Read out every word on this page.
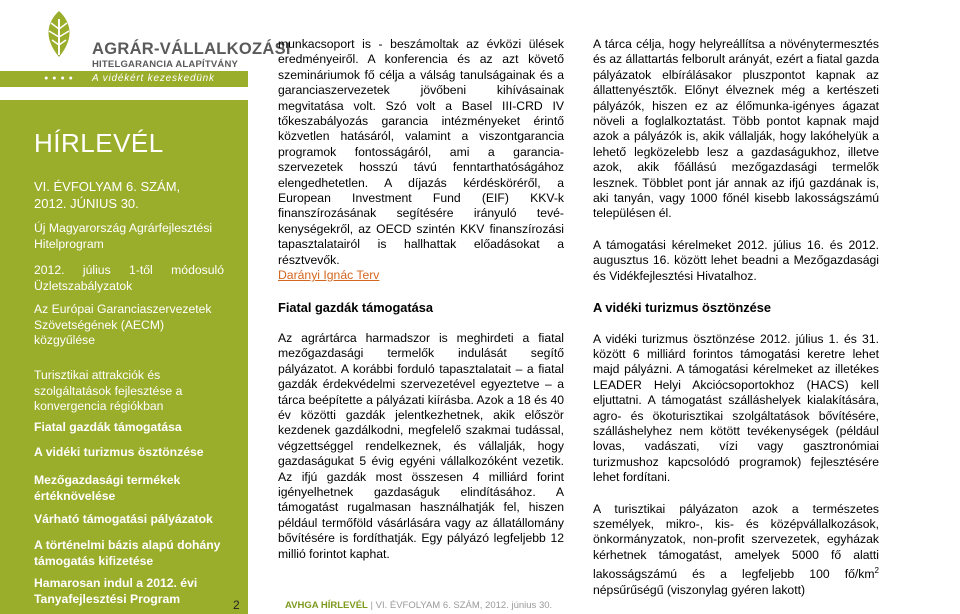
AGRÁR-VÁLLALKOZÁSI
HITELGARANCIA ALAPÍTVÁNY
● ● ● ●	A vidékért kezeskedünk
HÍRLEVÉL
VI. ÉVFOLYAM 6. SZÁM,
2012. JÚNIUS 30.
Új Magyarország Agrárfejlesztési Hitelprogram
2012. július 1-től módosuló Üzletszabályzatok
Az Európai Garanciaszervezetek Szövetségének (AECM) közgyűlése
Turisztikai attrakciók és szolgáltatások fejlesztése a konvergencia régiókban
Fiatal gazdák támogatása
A vidéki turizmus ösztönzése
Mezőgazdasági termékek értéknövelése
Várható támogatási pályázatok
A történelmi bázis alapú dohány támogatás kifizetése
Hamarosan indul a 2012. évi Tanyafejlesztési Program	2

munkacsoport is - beszámoltak az évközi ülések eredményeiről. A konferencia és az azt követő szemináriumok fő célja a válság tanulságainak és a garanciaszervezetek jövőbeni kihívásainak megvitatása volt. Szó volt a Basel III-CRD IV tőkeszabályozás garancia intézményeket érintő közvetlen hatásáról, valamint a viszontgarancia programok fontosságáról, ami a garancia-szervezetek hosszú távú fenntarthatóságához elengedhetetlen. A díjazás kérdésköréről, a European Investment Fund (EIF) KKV-k finanszírozásának segítésére irányuló tevé-kenységekről, az OECD szintén KKV finanszírozási tapasztalatairól is hallhattak előadásokat a résztvevők.

Darányi Ignác Terv

Fiatal gazdák támogatása

Az agrártárca harmadszor is meghirdeti a fiatal mezőgazdasági termelők indulását segítő pályázatot. A korábbi forduló tapasztalatait – a fiatal gazdák érdekvédelmi szervezetével egyeztetve – a tárca beépítette a pályázati kiírásba. Azok a 18 és 40 év közötti gazdák jelentkezhetnek, akik először kezdenek gazdálkodni, megfelelő szakmai tudással, végzettséggel rendelkeznek, és vállalják, hogy gazdaságukat 5 évig egyéni vállalkozóként vezetik. Az ifjú gazdák most összesen 4 milliárd forint igényelhetnek gazdaságuk elindításához. A támogatást rugalmasan használhatják fel, hiszen például termőföld vásárlására vagy az állatállomány bővítésére is fordíthatják. Egy pályázó legfeljebb 12 millió forintot kaphat.

A tárca célja, hogy helyreállítsa a növénytermesztés és az állattartás felborult arányát, ezért a fiatal gazda pályázatok elbírálásakor pluszpontot kapnak az állattenyésztők. Előnyt élveznek még a kertészeti pályázók, hiszen ez az élőmunka-igényes ágazat növeli a foglalkoztatást. Több pontot kapnak majd azok a pályázók is, akik vállalják, hogy lakóhelyük a lehető legközelebb lesz a gazdaságukhoz, illetve azok, akik főállású mezőgazdasági termelők lesznek. Többlet pont jár annak az ifjú gazdának is, aki tanyán, vagy 1000 főnél kisebb lakosságszámú településen él.

A támogatási kérelmeket 2012. július 16. és 2012. augusztus 16. között lehet beadni a Mezőgazdasági és Vidékfejlesztési Hivatalhoz.

A vidéki turizmus ösztönzése

A vidéki turizmus ösztönzése 2012. július 1. és 31. között 6 milliárd forintos támogatási keretre lehet majd pályázni. A támogatási kérelmeket az illetékes LEADER Helyi Akciócsoportokhoz (HACS) kell eljuttatni. A támogatást szálláshelyek kialakítására, agro- és ökoturisztikai szolgáltatások bővítésére, szálláshelyhez nem kötött tevékenységek (például lovas, vadászati, vízi vagy gasztronómiai turizmushoz kapcsolódó programok) fejlesztésére lehet fordítani.

A turisztikai pályázaton azok a természetes személyek, mikro-, kis- és középvállalkozások, önkormányzatok, non-profit szervezetek, egyházak kérhetnek támogatást, amelyek 5000 fő alatti lakosságszámú és a legfeljebb 100 $fő/km^2$ népsűrűségű (viszonylag gyéren lakott)

AVHGA HÍRLEVÉL | VI. ÉVFOLYAM 6. SZÁM, 2012. június 30.
